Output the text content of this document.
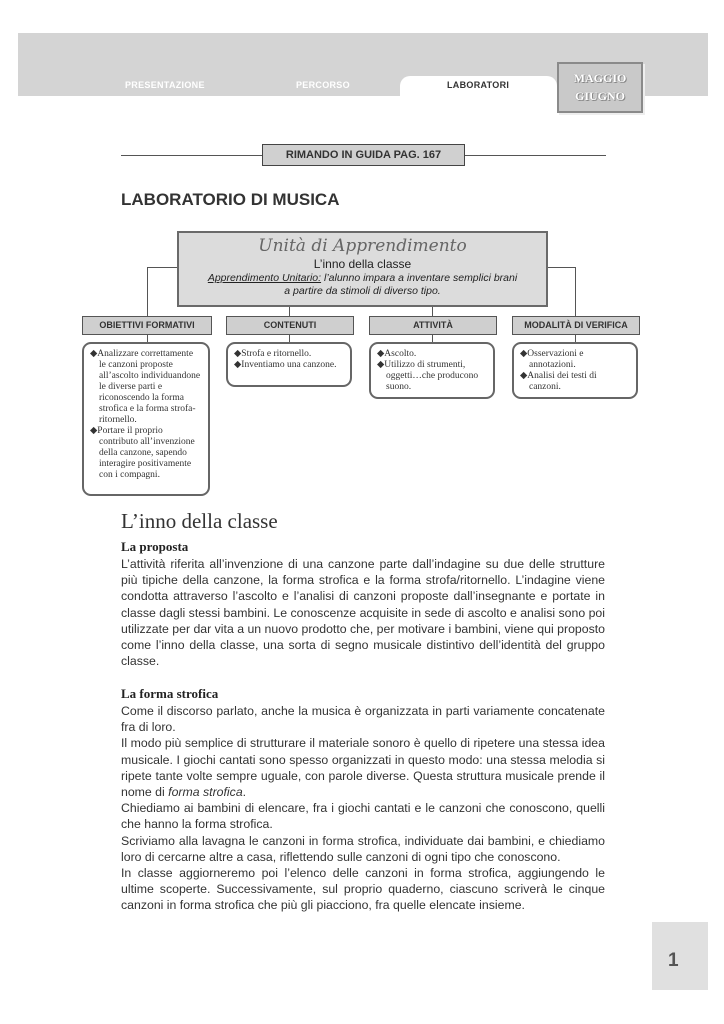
PRESENTAZIONE	PERCORSO	LABORATORI	MAGGIO
GIUGNO
RIMANDO IN GUIDA PAG. 167
LABORATORIO DI MUSICA
Unità di Apprendimento
L’inno della classe
Apprendimento Unitario: l’alunno impara a inventare semplici brani
a partire da stimoli di diverso tipo.
OBIETTIVI FORMATIVI	CONTENUTI	ATTIVITÀ	MODALITÀ DI VERIFICA
◆Analizzare correttamente le canzoni proposte all’ascolto individuandone le diverse parti e riconoscendo la forma strofica e la forma strofa-ritornello.
◆Portare il proprio contributo all’invenzione della canzone, sapendo interagire positivamente con i compagni.
◆Strofa e ritornello.
◆Inventiamo una canzone.
◆Ascolto.
◆Utilizzo di strumenti, oggetti…che producono suono.
◆Osservazioni e annotazioni.
◆Analisi dei testi di canzoni.
L’inno della classe
La proposta
L’attività riferita all’invenzione di una canzone parte dall’indagine su due delle strutture più tipiche della canzone, la forma strofica e la forma strofa/ritornello. L’indagine viene condotta attraverso l’ascolto e l’analisi di canzoni proposte dall’insegnante e portate in classe dagli stessi bambini. Le conoscenze acquisite in sede di ascolto e analisi sono poi utilizzate per dar vita a un nuovo prodotto che, per motivare i bambini, viene qui proposto come l’inno della classe, una sorta di segno musicale distintivo dell’identità del gruppo classe.
La forma strofica
Come il discorso parlato, anche la musica è organizzata in parti variamente concatenate fra di loro.
Il modo più semplice di strutturare il materiale sonoro è quello di ripetere una stessa idea musicale. I giochi cantati sono spesso organizzati in questo modo: una stessa melodia si ripete tante volte sempre uguale, con parole diverse. Questa struttura musicale prende il nome di forma strofica.
Chiediamo ai bambini di elencare, fra i giochi cantati e le canzoni che conoscono, quelli che hanno la forma strofica.
Scriviamo alla lavagna le canzoni in forma strofica, individuate dai bambini, e chiediamo loro di cercarne altre a casa, riflettendo sulle canzoni di ogni tipo che conoscono.
In classe aggiorneremo poi l’elenco delle canzoni in forma strofica, aggiungendo le ultime scoperte. Successivamente, sul proprio quaderno, ciascuno scriverà le cinque canzoni in forma strofica che più gli piacciono, fra quelle elencate insieme.
1
